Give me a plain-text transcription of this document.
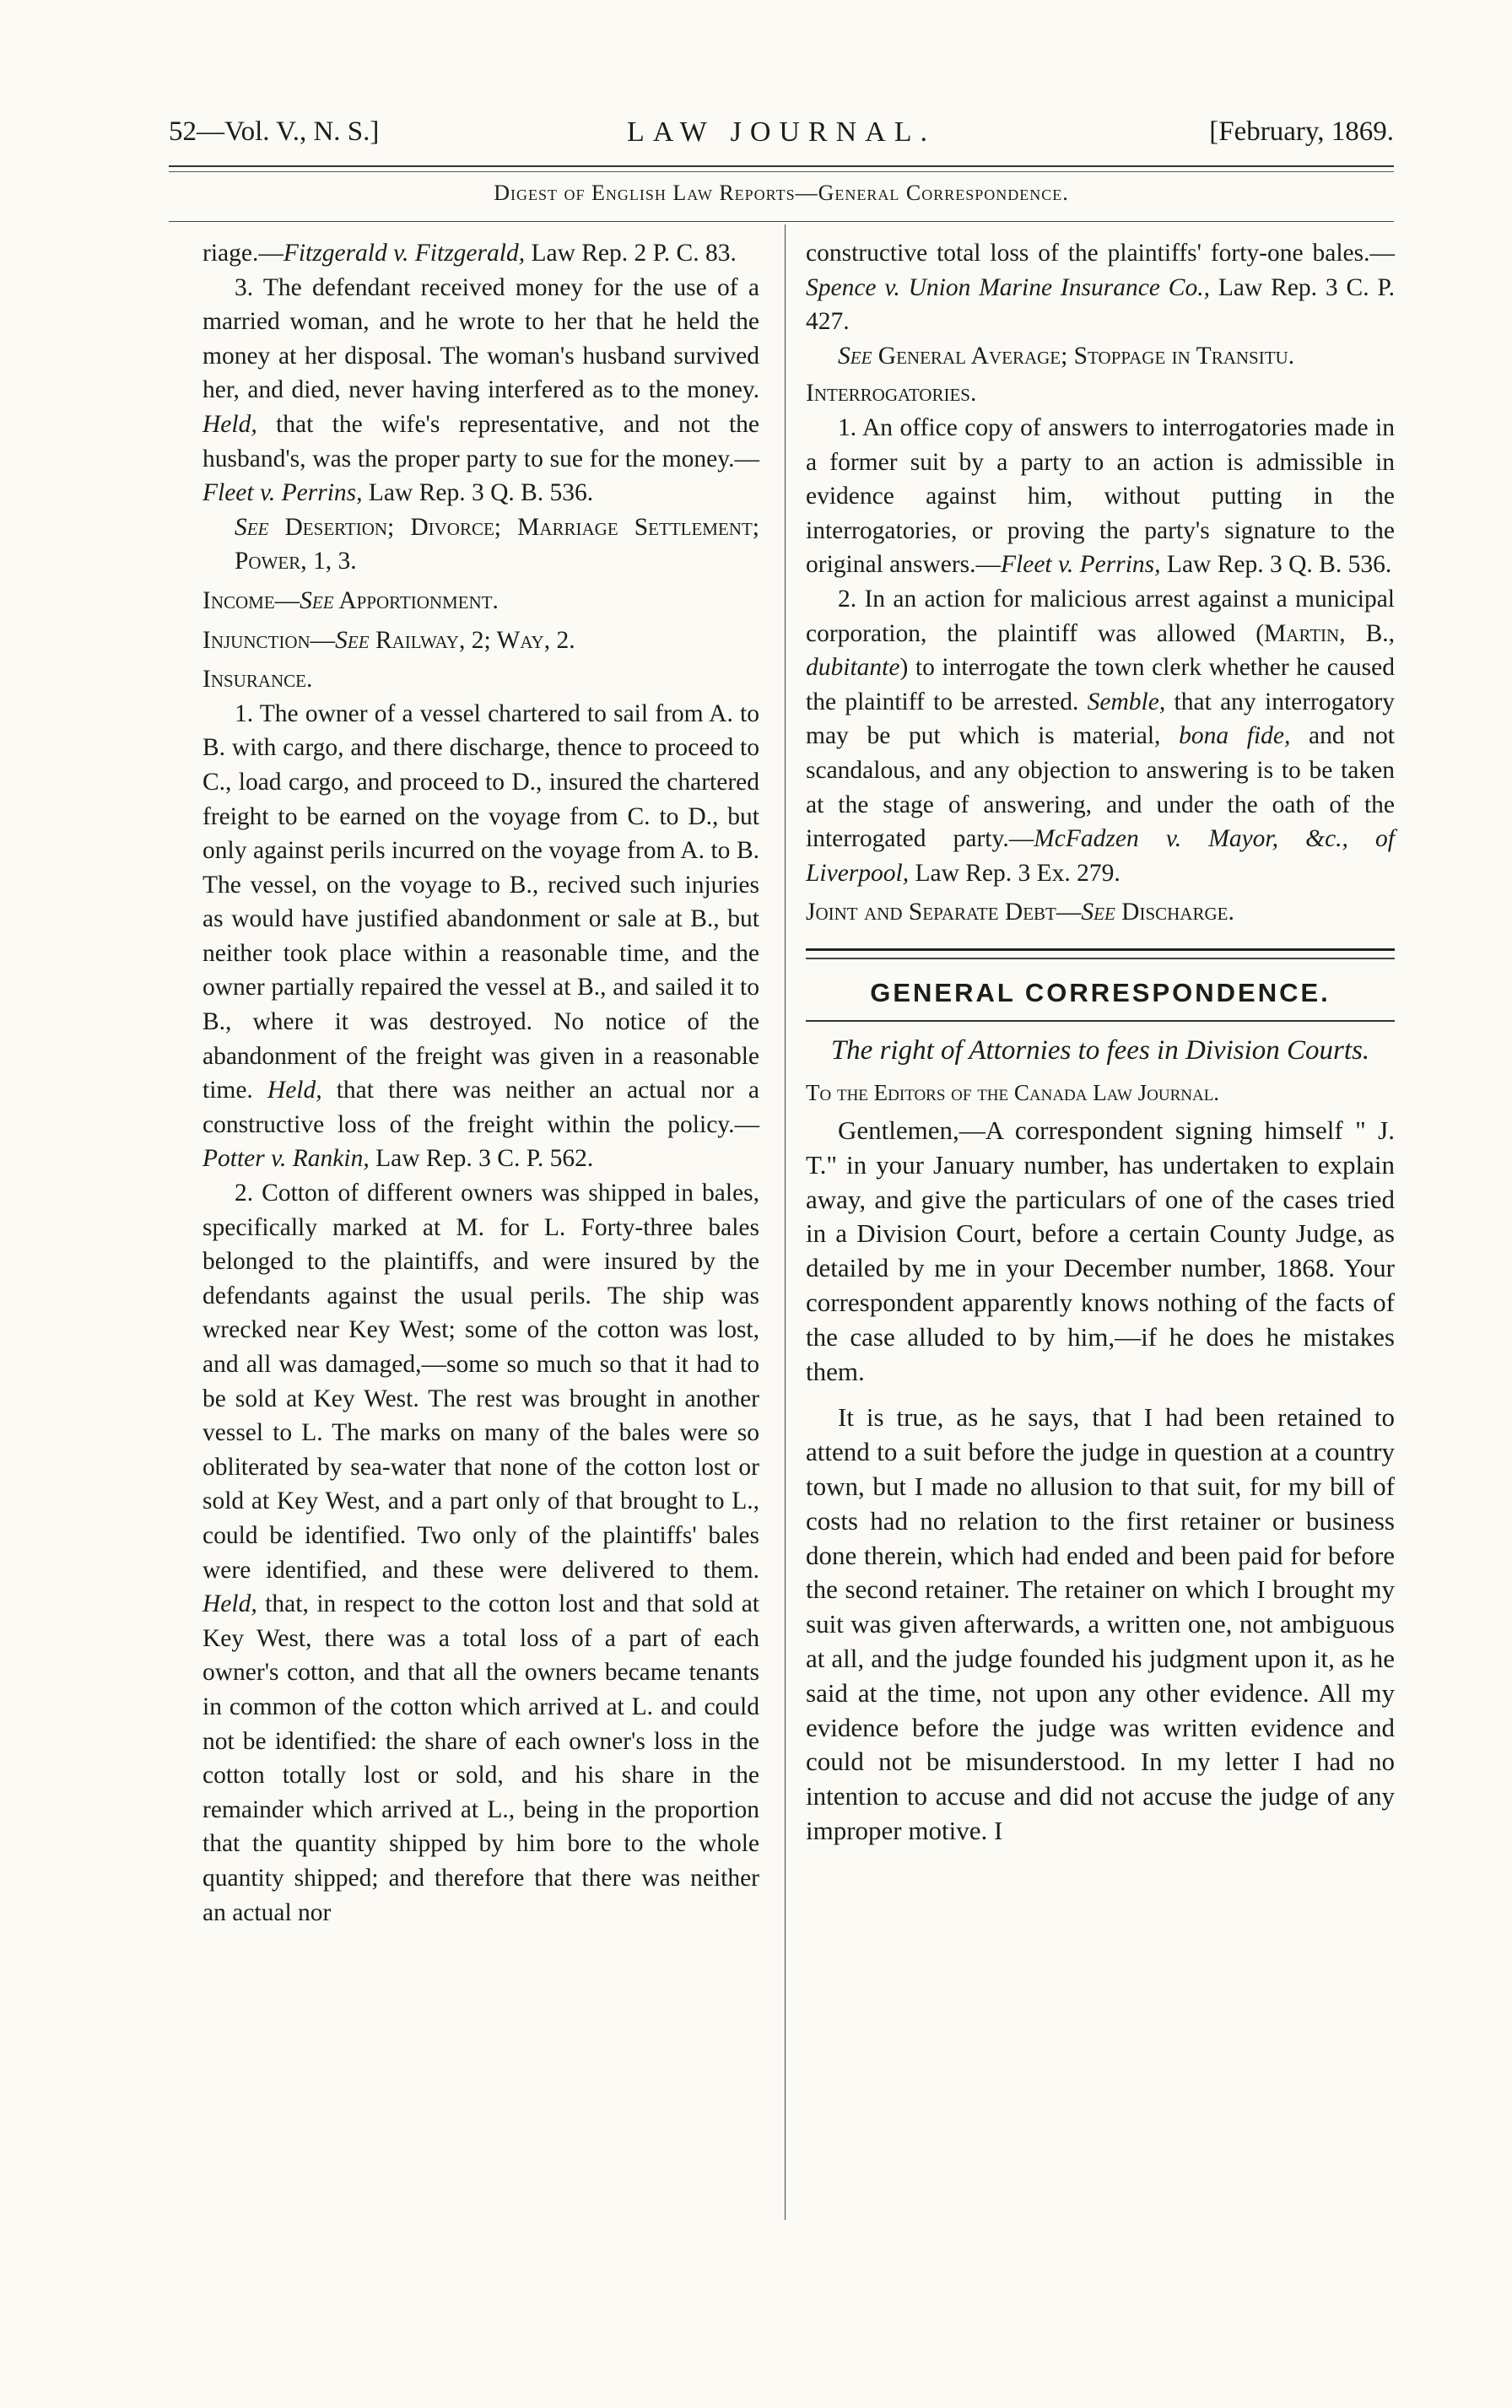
52—Vol. V., N. S.]	LAW JOURNAL.	[February, 1869.
Digest of English Law Reports—General Correspondence.

riage.—Fitzgerald v. Fitzgerald, Law Rep. 2 P. C. 83.

3. The defendant received money for the use of a married woman, and he wrote to her that he held the money at her disposal. The woman's husband survived her, and died, never having interfered as to the money. Held, that the wife's representative, and not the husband's, was the proper party to sue for the money.—Fleet v. Perrins, Law Rep. 3 Q. B. 536.

See Desertion; Divorce; Marriage Settlement; Power, 1, 3.

Income—See Apportionment.

Injunction—See Railway, 2; Way, 2.

Insurance.

1. The owner of a vessel chartered to sail from A. to B. with cargo, and there discharge, thence to proceed to C., load cargo, and proceed to D., insured the chartered freight to be earned on the voyage from C. to D., but only against perils incurred on the voyage from A. to B. The vessel, on the voyage to B., recived such injuries as would have justified abandonment or sale at B., but neither took place within a reasonable time, and the owner partially repaired the vessel at B., and sailed it to B., where it was destroyed. No notice of the abandonment of the freight was given in a reasonable time. Held, that there was neither an actual nor a constructive loss of the freight within the policy.—Potter v. Rankin, Law Rep. 3 C. P. 562.

2. Cotton of different owners was shipped in bales, specifically marked at M. for L. Forty-three bales belonged to the plaintiffs, and were insured by the defendants against the usual perils. The ship was wrecked near Key West; some of the cotton was lost, and all was damaged,—some so much so that it had to be sold at Key West. The rest was brought in another vessel to L. The marks on many of the bales were so obliterated by sea-water that none of the cotton lost or sold at Key West, and a part only of that brought to L., could be identified. Two only of the plaintiffs' bales were identified, and these were delivered to them. Held, that, in respect to the cotton lost and that sold at Key West, there was a total loss of a part of each owner's cotton, and that all the owners became tenants in common of the cotton which arrived at L. and could not be identified: the share of each owner's loss in the cotton totally lost or sold, and his share in the remainder which arrived at L., being in the proportion that the quantity shipped by him bore to the whole quantity shipped; and therefore that there was neither an actual nor

constructive total loss of the plaintiffs' forty-one bales.—Spence v. Union Marine Insurance Co., Law Rep. 3 C. P. 427.

See General Average; Stoppage in Transitu.

Interrogatories.

1. An office copy of answers to interrogatories made in a former suit by a party to an action is admissible in evidence against him, without putting in the interrogatories, or proving the party's signature to the original answers.—Fleet v. Perrins, Law Rep. 3 Q. B. 536.

2. In an action for malicious arrest against a municipal corporation, the plaintiff was allowed (Martin, B., dubitante) to interrogate the town clerk whether he caused the plaintiff to be arrested. Semble, that any interrogatory may be put which is material, bona fide, and not scandalous, and any objection to answering is to be taken at the stage of answering, and under the oath of the interrogated party.—McFadzen v. Mayor, &c., of Liverpool, Law Rep. 3 Ex. 279.

Joint and Separate Debt—See Discharge.

GENERAL CORRESPONDENCE.
The right of Attornies to fees in Division Courts.
To the Editors of the Canada Law Journal.

Gentlemen,—A correspondent signing himself " J. T." in your January number, has undertaken to explain away, and give the particulars of one of the cases tried in a Division Court, before a certain County Judge, as detailed by me in your December number, 1868. Your correspondent apparently knows nothing of the facts of the case alluded to by him,—if he does he mistakes them.

It is true, as he says, that I had been retained to attend to a suit before the judge in question at a country town, but I made no allusion to that suit, for my bill of costs had no relation to the first retainer or business done therein, which had ended and been paid for before the second retainer. The retainer on which I brought my suit was given afterwards, a written one, not ambiguous at all, and the judge founded his judgment upon it, as he said at the time, not upon any other evidence. All my evidence before the judge was written evidence and could not be misunderstood. In my letter I had no intention to accuse and did not accuse the judge of any improper motive. I
